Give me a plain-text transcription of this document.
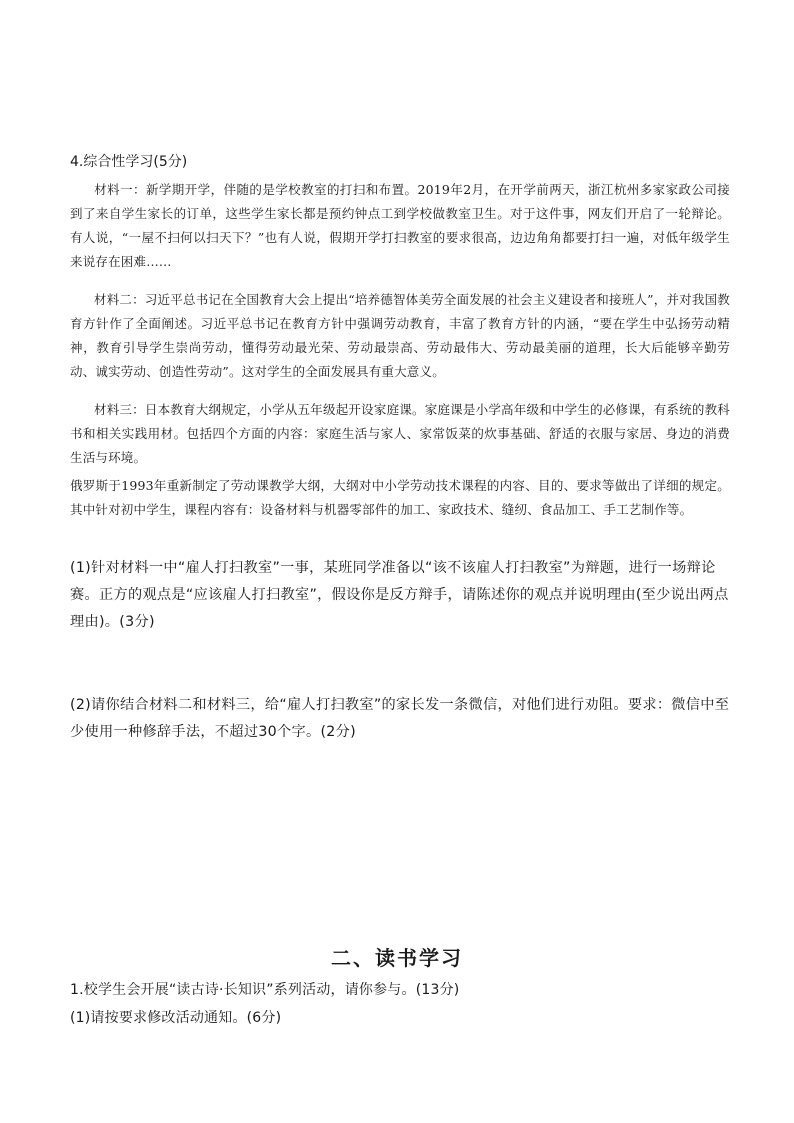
4.综合性学习(5分)
材料一：新学期开学，伴随的是学校教室的打扫和布置。2019年2月，在开学前两天，浙江杭州多家家政公司接到了来自学生家长的订单，这些学生家长都是预约钟点工到学校做教室卫生。对于这件事，网友们开启了一轮辩论。有人说，“一屋不扫何以扫天下？”也有人说，假期开学打扫教室的要求很高，边边角角都要打扫一遍，对低年级学生来说存在困难……
材料二：习近平总书记在全国教育大会上提出“培养德智体美劳全面发展的社会主义建设者和接班人”，并对我国教育方针作了全面阐述。习近平总书记在教育方针中强调劳动教育，丰富了教育方针的内涵，“要在学生中弘扬劳动精神，教育引导学生崇尚劳动，懂得劳动最光荣、劳动最崇高、劳动最伟大、劳动最美丽的道理，长大后能够辛勤劳动、诚实劳动、创造性劳动”。这对学生的全面发展具有重大意义。
材料三：日本教育大纲规定，小学从五年级起开设家庭课。家庭课是小学高年级和中学生的必修课，有系统的教科书和相关实践用材。包括四个方面的内容：家庭生活与家人、家常饭菜的炊事基础、舒适的衣服与家居、身边的消费生活与环境。
俄罗斯于1993年重新制定了劳动课教学大纲，大纲对中小学劳动技术课程的内容、目的、要求等做出了详细的规定。其中针对初中学生，课程内容有：设备材料与机器零部件的加工、家政技术、缝纫、食品加工、手工艺制作等。
(1)针对材料一中“雇人打扫教室”一事，某班同学准备以“该不该雇人打扫教室”为辩题，进行一场辩论赛。正方的观点是“应该雇人打扫教室”，假设你是反方辩手，请陈述你的观点并说明理由(至少说出两点理由)。(3分)
(2)请你结合材料二和材料三，给“雇人打扫教室”的家长发一条微信，对他们进行劝阻。要求：微信中至少使用一种修辞手法，不超过30个字。(2分)
二、读书学习
1.校学生会开展“读古诗·长知识”系列活动，请你参与。(13分)
(1)请按要求修改活动通知。(6分)
